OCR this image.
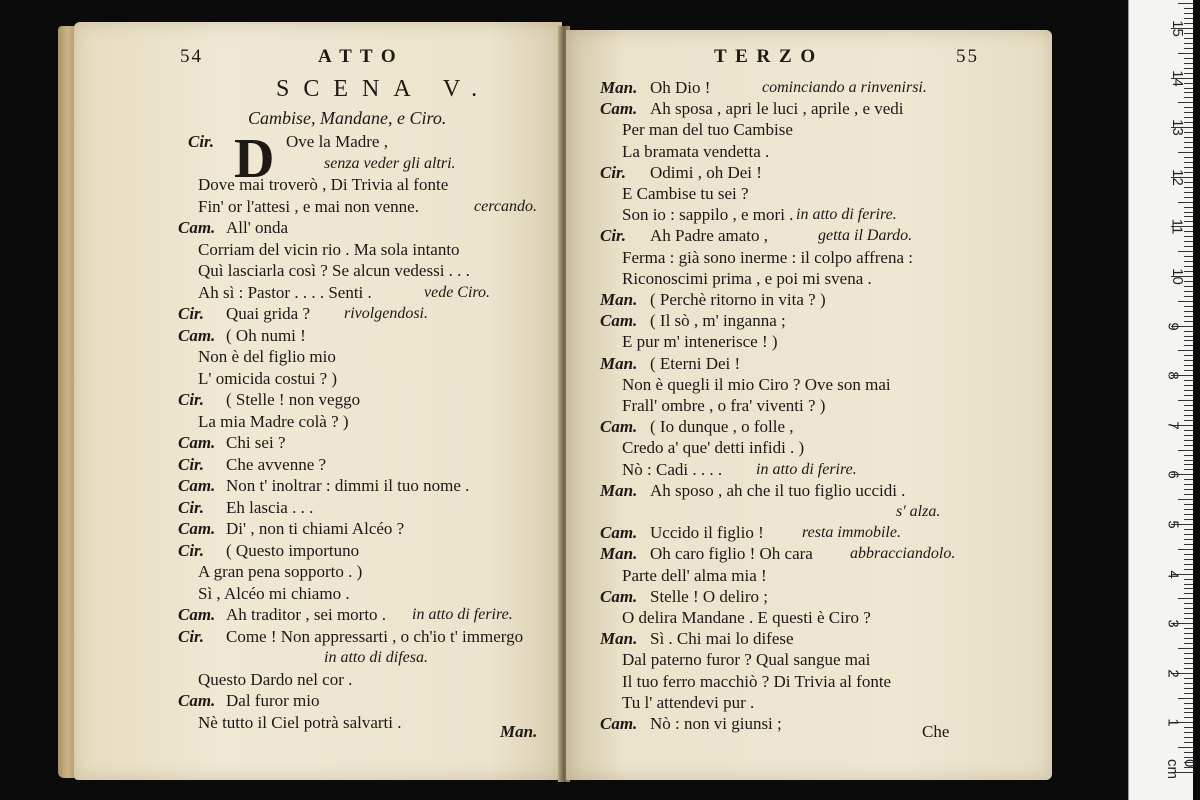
54	A T T O
SCENA V.
Cambise, Mandane, e Ciro.
D
Cir.	Ove la Madre ,
senza veder gli altri.
Dove mai troverò , Di Trivia al fonte
Fin' or l'attesi , e mai non venne.	cercando.
Cam. All' onda
Corriam del vicin rio . Ma sola intanto
Quì lasciarla così ? Se alcun vedessi . . .
Ah sì : Pastor . . . . Senti .	vede Ciro.
Cir. Quai grida ? rivolgendosi.
Cam. ( Oh numi !
Non è del figlio mio
L' omicida costui ? )
Cir. ( Stelle ! non veggo
La mia Madre colà ? )
Cam. Chi sei ?
Cir. Che avvenne ?
Cam. Non t' inoltrar : dimmi il tuo nome .
Cir. Eh lascia . . .
Cam. Di' , non ti chiami Alcéo ?
Cir. ( Questo importuno
A gran pena sopporto . )
Sì , Alcéo mi chiamo .
Cam. Ah traditor , sei morto . in atto di ferire.
Cir. Come ! Non appressarti , o ch'io t' immergo
in atto di difesa.
Questo Dardo nel cor .
Cam. Dal furor mio
Nè tutto il Ciel potrà salvarti .	Man.
T E R Z O	55
Man. Oh Dio !	cominciando a rinvenirsi.
Cam. Ah sposa , apri le luci , aprile , e vedi
Per man del tuo Cambise
La bramata vendetta .
Cir. Odimi , oh Dei !
E Cambise tu sei ?
Son io : sappilo , e mori . in atto di ferire.
Cir. Ah Padre amato ,	getta il Dardo.
Ferma : già sono inerme : il colpo affrena :
Riconoscimi prima , e poi mi svena .
Man. ( Perchè ritorno in vita ? )
Cam. ( Il sò , m' inganna ;
E pur m' intenerisce ! )
Man. ( Eterni Dei !
Non è quegli il mio Ciro ? Ove son mai
Frall' ombre , o fra' viventi ? )
Cam. ( Io dunque , o folle ,
Credo a' que' detti infidi . )
Nò : Cadi . . . . in atto di ferire.
Man. Ah sposo , ah che il tuo figlio uccidi .
s' alza.
Cam. Uccido il figlio ! resta immobile.
Man. Oh caro figlio ! Oh cara abbracciandolo.
Parte dell' alma mia !
Cam. Stelle ! O deliro ;
O delira Mandane . E questi è Ciro ?
Man. Sì . Chi mai lo difese
Dal paterno furor ? Qual sangue mai
Il tuo ferro macchiò ? Di Trivia al fonte
Tu l' attendevi pur .
Cam. Nò : non vi giunsi ;	Che
0 cm
1
2
3
4
5
6
7
8
9
10
11
12
13
14
15
